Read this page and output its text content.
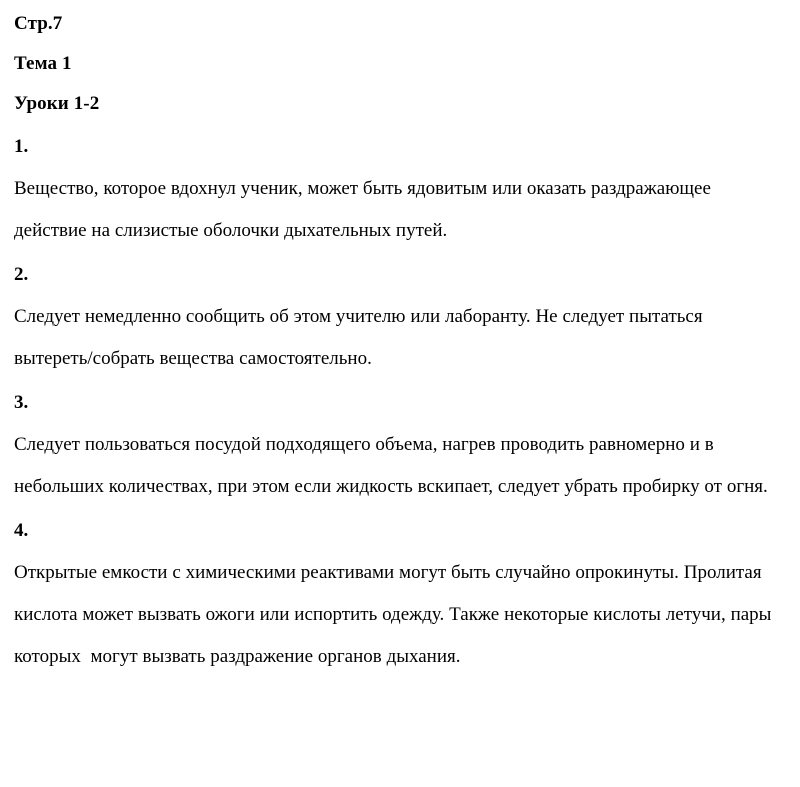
Стр.7
Тема 1
Уроки 1-2
1.
Вещество, которое вдохнул ученик, может быть ядовитым или оказать раздражающее действие на слизистые оболочки дыхательных путей.
2.
Следует немедленно сообщить об этом учителю или лаборанту. Не следует пытаться вытереть/собрать вещества самостоятельно.
3.
Следует пользоваться посудой подходящего объема, нагрев проводить равномерно и в небольших количествах, при этом если жидкость вскипает, следует убрать пробирку от огня.
4.
Открытые емкости с химическими реактивами могут быть случайно опрокинуты. Пролитая кислота может вызвать ожоги или испортить одежду. Также некоторые кислоты летучи, пары которых  могут вызвать раздражение органов дыхания.
